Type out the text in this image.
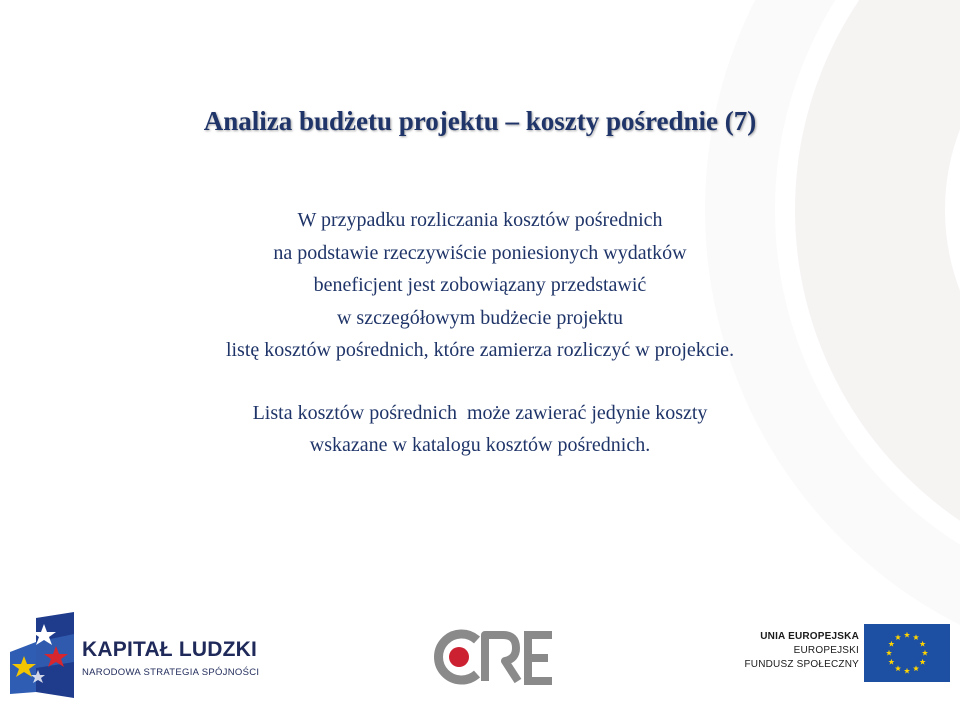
Analiza budżetu projektu – koszty pośrednie (7)

W przypadku rozliczania kosztów pośrednich
na podstawie rzeczywiście poniesionych wydatków
beneficjent jest zobowiązany przedstawić
w szczegółowym budżecie projektu
listę kosztów pośrednich, które zamierza rozliczyć w projekcie.

Lista kosztów pośrednich  może zawierać jedynie koszty
wskazane w katalogu kosztów pośrednich.

KAPITAŁ LUDZKI
NARODOWA STRATEGIA SPÓJNOŚCI
UNIA EUROPEJSKA
EUROPEJSKI
FUNDUSZ SPOŁECZNY
